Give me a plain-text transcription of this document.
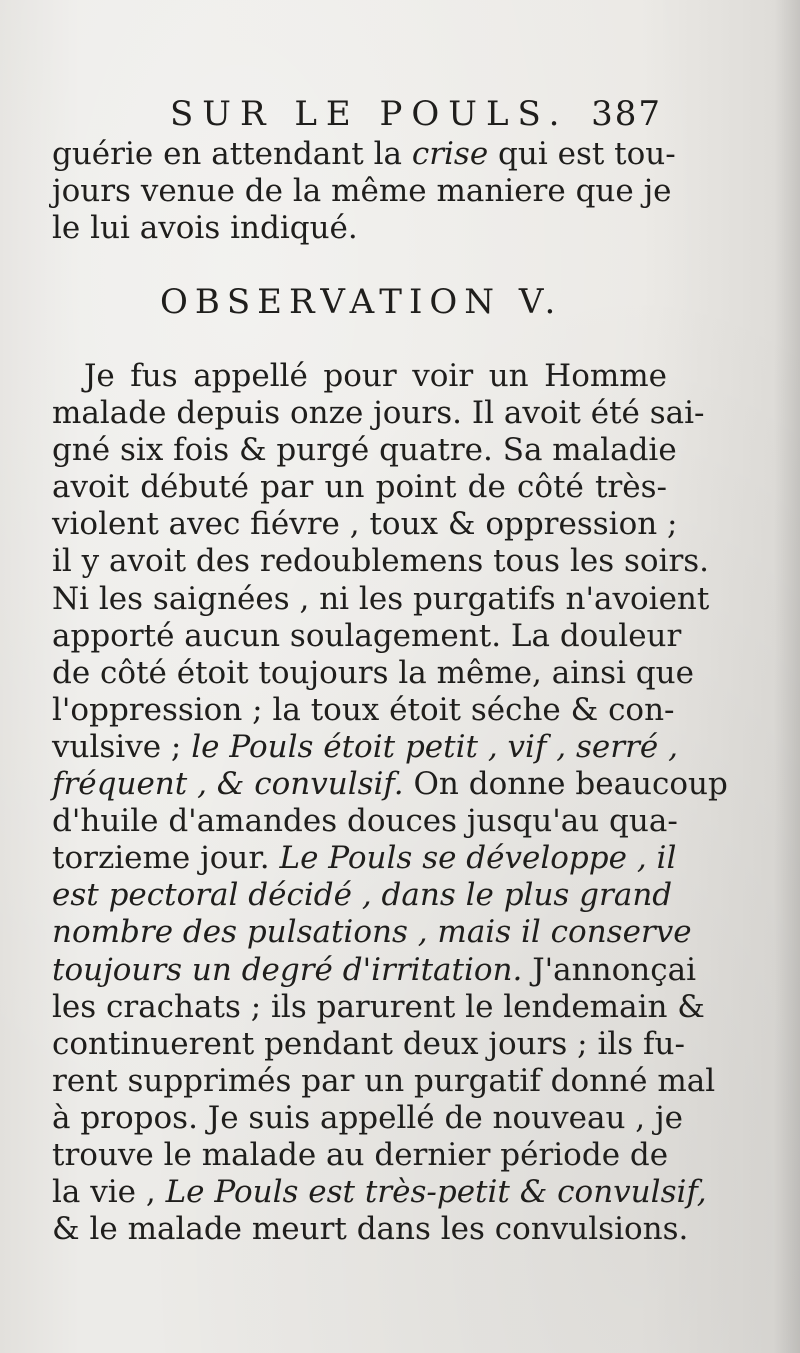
SUR LE POULS. 387
guérie en attendant la crise qui est tou-
jours venue de la même maniere que je
le lui avois indiqué.
OBSERVATION V.
Je fus appellé pour voir un Homme
malade depuis onze jours. Il avoit été sai-
gné six fois & purgé quatre. Sa maladie
avoit débuté par un point de côté très-
violent avec fiévre , toux & oppression ;
il y avoit des redoublemens tous les soirs.
Ni les saignées , ni les purgatifs n'avoient
apporté aucun soulagement. La douleur
de côté étoit toujours la même, ainsi que
l'oppression ; la toux étoit séche & con-
vulsive ; le Pouls étoit petit , vif , serré ,
fréquent , & convulsif. On donne beaucoup
d'huile d'amandes douces jusqu'au qua-
torzieme jour. Le Pouls se développe , il
est pectoral décidé , dans le plus grand
nombre des pulsations , mais il conserve
toujours un degré d'irritation. J'annonçai
les crachats ; ils parurent le lendemain &
continuerent pendant deux jours ; ils fu-
rent supprimés par un purgatif donné mal
à propos. Je suis appellé de nouveau , je
trouve le malade au dernier période de
la vie , Le Pouls est très-petit & convulsif,
& le malade meurt dans les convulsions.
